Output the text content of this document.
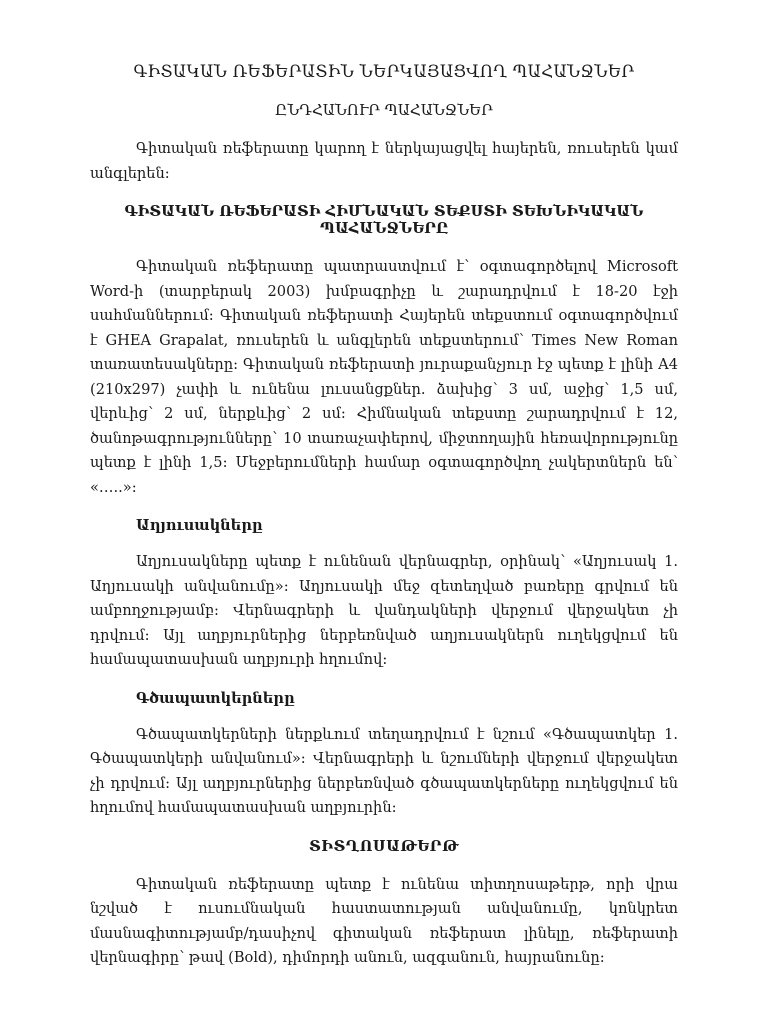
ԳԻՏԱԿԱՆ ՌԵՖԵՐԱՏԻՆ ՆԵՐԿԱՅԱՑՎՈՂ ՊԱՀԱՆՋՆԵՐ
ԸՆԴՀԱՆՈՒՐ ՊԱՀԱՆՋՆԵՐ

Գիտական ռեֆերատը կարող է ներկայացվել հայերեն, ռուսերեն կամ անգլերեն:

ԳԻՏԱԿԱՆ ՌԵՖԵՐԱՏԻ ՀԻՄՆԱԿԱՆ ՏԵՔՍՏԻ ՏԵԽՆԻԿԱԿԱՆ ՊԱՀԱՆՋՆԵՐԸ

Գիտական ռեֆերատը պատրաստվում է՝ օգտագործելով Microsoft Word-ի (տարբերակ 2003) խմբագրիչը և շարադրվում է 18-20 էջի սահմաններում: Գիտական ռեֆերատի Հայերեն տեքստում օգտագործվում է GHEA Grapalat, ռուսերեն և անգլերեն տեքստերում՝ Times New Roman տառատեսակները: Գիտական ռեֆերատի յուրաքանչյուր էջ պետք է լինի A4 (210x297) չափի և ունենա լուսանցքներ. ձախից՝ 3 սմ, աջից՝ 1,5 սմ, վերևից՝ 2 սմ, ներքևից՝ 2 սմ: Հիմնական տեքստը շարադրվում է 12, ծանոթագրությունները՝ 10 տառաչափերով, միջտողային հեռավորությունը պետք է լինի 1,5: Մեջբերումների համար օգտագործվող չակերտներն են՝ «…..»:

Աղյուսակները

Աղյուսակները պետք է ունենան վերնագրեր, օրինակ՝ «Աղյուսակ 1. Աղյուսակի անվանումը»: Աղյուսակի մեջ զետեղված բառերը գրվում են ամբողջությամբ: Վերնագրերի և վանդակների վերջում վերջակետ չի դրվում: Այլ աղբյուրներից ներբեռնված աղյուսակներն ուղեկցվում են համապատասխան աղբյուրի հղումով:

Գծապատկերները

Գծապատկերների ներքևում տեղադրվում է նշում «Գծապատկեր 1. Գծապատկերի անվանում»: Վերնագրերի և նշումների վերջում վերջակետ չի դրվում: Այլ աղբյուրներից ներբեռնված գծապատկերները ուղեկցվում են հղումով համապատասխան աղբյուրին:

ՏԻՏՂՈՍԱԹԵՐԹ

Գիտական ռեֆերատը պետք է ունենա տիտղոսաթերթ, որի վրա նշված է ուսումնական հաստատության անվանումը, կոնկրետ մասնագիտությամբ/դասիչով գիտական ռեֆերատ լինելը, ռեֆերատի վերնագիրը՝ թավ (Bold), դիմորդի անուն, ազգանուն, հայրանունը:
